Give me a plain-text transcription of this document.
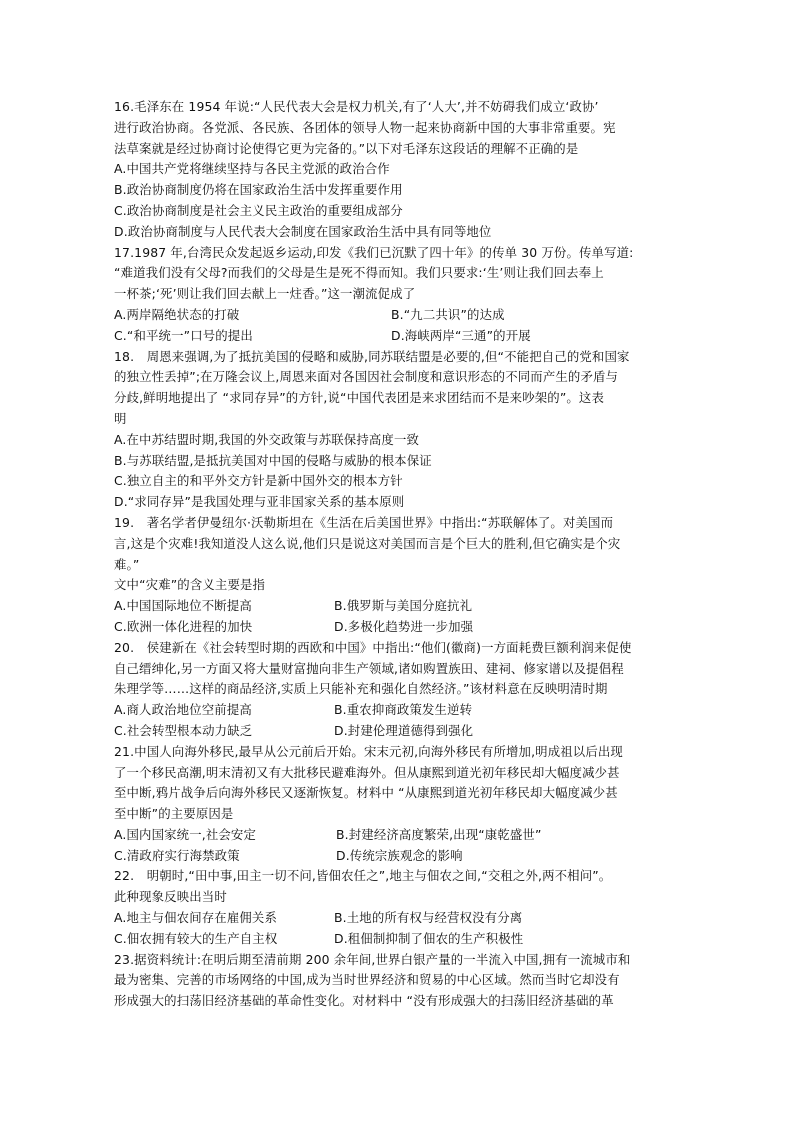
16.毛泽东在 1954 年说:“人民代表大会是权力机关,有了‘人大’,并不妨碍我们成立‘政协’
进行政治协商。各党派、各民族、各团体的领导人物一起来协商新中国的大事非常重要。宪
法草案就是经过协商讨论使得它更为完备的。”以下对毛泽东这段话的理解不正确的是
A.中国共产党将继续坚持与各民主党派的政治合作
B.政治协商制度仍将在国家政治生活中发挥重要作用
C.政治协商制度是社会主义民主政治的重要组成部分
D.政治协商制度与人民代表大会制度在国家政治生活中具有同等地位
17.1987 年,台湾民众发起返乡运动,印发《我们已沉默了四十年》的传单 30 万份。传单写道:
“难道我们没有父母?而我们的父母是生是死不得而知。我们只要求:‘生’则让我们回去奉上
一杯茶;‘死’则让我们回去献上一炷香。”这一潮流促成了
A.两岸隔绝状态的打破	B.“九二共识”的达成
C.“和平统一”口号的提出	D.海峡两岸“三通”的开展
18.　周恩来强调,为了抵抗美国的侵略和威胁,同苏联结盟是必要的,但“不能把自己的党和国家
的独立性丢掉”;在万隆会议上,周恩来面对各国因社会制度和意识形态的不同而产生的矛盾与
分歧,鲜明地提出了 “求同存异”的方针,说“中国代表团是来求团结而不是来吵架的”。这表
明
A.在中苏结盟时期,我国的外交政策与苏联保持高度一致
B.与苏联结盟,是抵抗美国对中国的侵略与威胁的根本保证
C.独立自主的和平外交方针是新中国外交的根本方针
D.“求同存异”是我国处理与亚非国家关系的基本原则
19.　著名学者伊曼纽尔·沃勒斯坦在《生活在后美国世界》中指出:“苏联解体了。对美国而
言,这是个灾难!我知道没人这么说,他们只是说这对美国而言是个巨大的胜利,但它确实是个灾
难。”
文中“灾难”的含义主要是指
A.中国国际地位不断提高	B.俄罗斯与美国分庭抗礼
C.欧洲一体化进程的加快	D.多极化趋势进一步加强
20.　侯建新在《社会转型时期的西欧和中国》中指出:“他们(徽商)一方面耗费巨额利润来促使
自己缙绅化,另一方面又将大量财富抛向非生产领域,诸如购置族田、建祠、修家谱以及提倡程
朱理学等……这样的商品经济,实质上只能补充和强化自然经济。”该材料意在反映明清时期
A.商人政治地位空前提高	B.重农抑商政策发生逆转
C.社会转型根本动力缺乏	D.封建伦理道德得到强化
21.中国人向海外移民,最早从公元前后开始。宋末元初,向海外移民有所增加,明成祖以后出现
了一个移民高潮,明末清初又有大批移民避难海外。但从康熙到道光初年移民却大幅度减少甚
至中断,鸦片战争后向海外移民又逐渐恢复。材料中 “从康熙到道光初年移民却大幅度减少甚
至中断”的主要原因是
A.国内国家统一,社会安定	B.封建经济高度繁荣,出现“康乾盛世”
C.清政府实行海禁政策	D.传统宗族观念的影响
22.　明朝时,“田中事,田主一切不问,皆佃农任之”,地主与佃农之间,“交租之外,两不相问”。
此种现象反映出当时
A.地主与佃农间存在雇佣关系	B.土地的所有权与经营权没有分离
C.佃农拥有较大的生产自主权	D.租佃制抑制了佃农的生产积极性
23.据资料统计:在明后期至清前期 200 余年间,世界白银产量的一半流入中国,拥有一流城市和
最为密集、完善的市场网络的中国,成为当时世界经济和贸易的中心区域。然而当时它却没有
形成强大的扫荡旧经济基础的革命性变化。对材料中 “没有形成强大的扫荡旧经济基础的革
